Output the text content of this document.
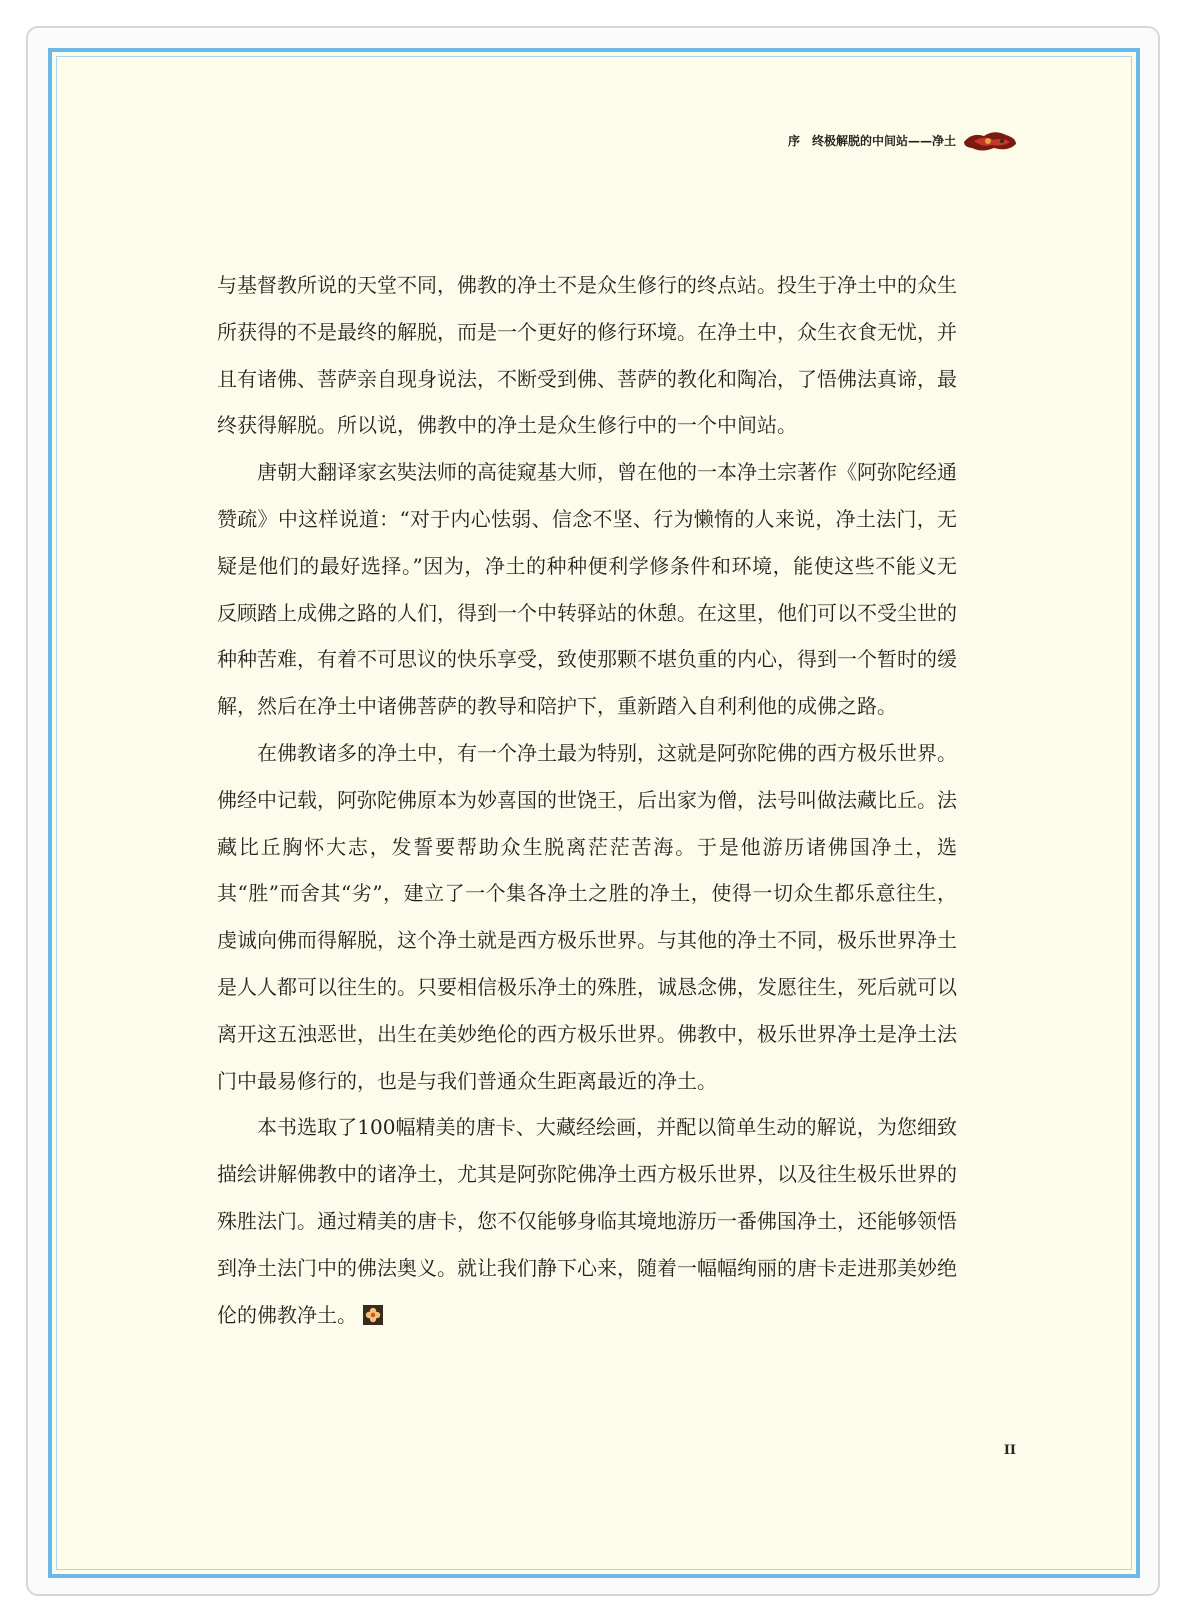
序　终极解脱的中间站——净土

与基督教所说的天堂不同，佛教的净土不是众生修行的终点站。投生于净土中的众生所获得的不是最终的解脱，而是一个更好的修行环境。在净土中，众生衣食无忧，并且有诸佛、菩萨亲自现身说法，不断受到佛、菩萨的教化和陶冶，了悟佛法真谛，最终获得解脱。所以说，佛教中的净土是众生修行中的一个中间站。

唐朝大翻译家玄奘法师的高徒窥基大师，曾在他的一本净土宗著作《阿弥陀经通赞疏》中这样说道：“对于内心怯弱、信念不坚、行为懒惰的人来说，净土法门，无疑是他们的最好选择。”因为，净土的种种便利学修条件和环境，能使这些不能义无反顾踏上成佛之路的人们，得到一个中转驿站的休憩。在这里，他们可以不受尘世的种种苦难，有着不可思议的快乐享受，致使那颗不堪负重的内心，得到一个暂时的缓解，然后在净土中诸佛菩萨的教导和陪护下，重新踏入自利利他的成佛之路。

在佛教诸多的净土中，有一个净土最为特别，这就是阿弥陀佛的西方极乐世界。佛经中记载，阿弥陀佛原本为妙喜国的世饶王，后出家为僧，法号叫做法藏比丘。法藏比丘胸怀大志，发誓要帮助众生脱离茫茫苦海。于是他游历诸佛国净土，选其“胜”而舍其“劣”，建立了一个集各净土之胜的净土，使得一切众生都乐意往生，虔诚向佛而得解脱，这个净土就是西方极乐世界。与其他的净土不同，极乐世界净土是人人都可以往生的。只要相信极乐净土的殊胜，诚恳念佛，发愿往生，死后就可以离开这五浊恶世，出生在美妙绝伦的西方极乐世界。佛教中，极乐世界净土是净土法门中最易修行的，也是与我们普通众生距离最近的净土。

本书选取了100幅精美的唐卡、大藏经绘画，并配以简单生动的解说，为您细致描绘讲解佛教中的诸净土，尤其是阿弥陀佛净土西方极乐世界，以及往生极乐世界的殊胜法门。通过精美的唐卡，您不仅能够身临其境地游历一番佛国净土，还能够领悟到净土法门中的佛法奥义。就让我们静下心来，随着一幅幅绚丽的唐卡走进那美妙绝伦的佛教净土。

II
